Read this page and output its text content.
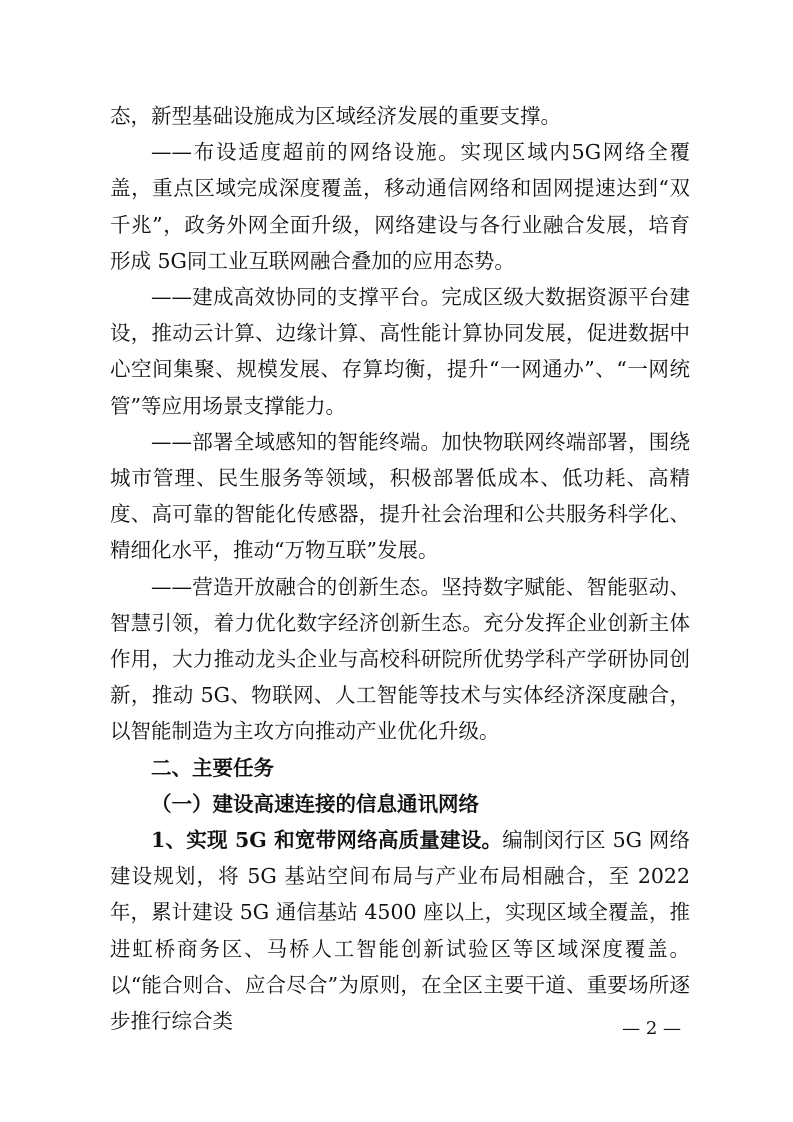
态，新型基础设施成为区域经济发展的重要支撑。

——布设适度超前的网络设施。实现区域内5G网络全覆盖，重点区域完成深度覆盖，移动通信网络和固网提速达到“双千兆”，政务外网全面升级，网络建设与各行业融合发展，培育形成 5G同工业互联网融合叠加的应用态势。

——建成高效协同的支撑平台。完成区级大数据资源平台建设，推动云计算、边缘计算、高性能计算协同发展，促进数据中心空间集聚、规模发展、存算均衡，提升“一网通办”、“一网统管”等应用场景支撑能力。

——部署全域感知的智能终端。加快物联网终端部署，围绕城市管理、民生服务等领域，积极部署低成本、低功耗、高精度、高可靠的智能化传感器，提升社会治理和公共服务科学化、精细化水平，推动“万物互联”发展。

——营造开放融合的创新生态。坚持数字赋能、智能驱动、智慧引领，着力优化数字经济创新生态。充分发挥企业创新主体作用，大力推动龙头企业与高校科研院所优势学科产学研协同创新，推动 5G、物联网、人工智能等技术与实体经济深度融合，以智能制造为主攻方向推动产业优化升级。

二、主要任务

（一）建设高速连接的信息通讯网络

1、实现 5G 和宽带网络高质量建设。编制闵行区 5G 网络建设规划，将 5G 基站空间布局与产业布局相融合，至 2022 年，累计建设 5G 通信基站 4500 座以上，实现区域全覆盖，推进虹桥商务区、马桥人工智能创新试验区等区域深度覆盖。以“能合则合、应合尽合”为原则，在全区主要干道、重要场所逐步推行综合类	— 2 —
